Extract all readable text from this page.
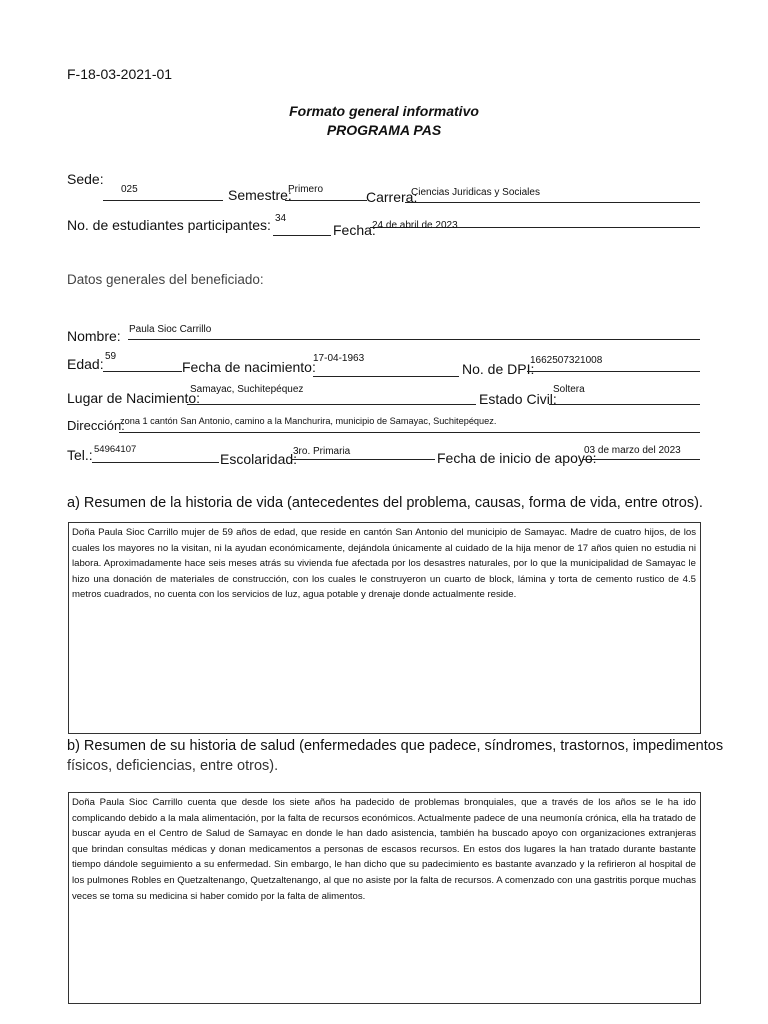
F-18-03-2021-01
Formato general informativo
PROGRAMA PAS
Sede:
025	Semestre:
Primero	Carrera:
Ciencias Juridicas y Sociales
No. de estudiantes participantes: 34
Fecha:
24 de abril de 2023
Datos generales del beneficiado:
Nombre: Paula Sioc Carrillo
Edad: 59
Fecha de nacimiento:
17-04-1963
No. de DPI:
1662507321008
Lugar de Nacimiento:
Samayac, Suchitepéquez
Estado Civil:
Soltera
Dirección:
zona 1 cantón San Antonio, camino a la Manchurira, municipio de Samayac, Suchitepéquez.
Tel.: 54964107
Escolaridad:
3ro. Primaria	Fecha de inicio de apoyo:
03 de marzo del 2023
a) Resumen de la historia de vida (antecedentes del problema, causas, forma de vida, entre otros).
Doña Paula Sioc Carrillo mujer de 59 años de edad, que reside en cantón San Antonio del municipio de Samayac. Madre de cuatro hijos, de los cuales los mayores no la visitan, ni la ayudan económicamente, dejándola únicamente al cuidado de la hija menor de 17 años quien no estudia ni labora. Aproximadamente hace seis meses atrás su vivienda fue afectada por los desastres naturales, por lo que la municipalidad de Samayac le hizo una donación de materiales de construcción, con los cuales le construyeron un cuarto de block, lámina y torta de cemento rustico de 4.5 metros cuadrados, no cuenta con los servicios de luz, agua potable y drenaje donde actualmente reside.
b) Resumen de su historia de salud (enfermedades que padece, síndromes, trastornos, impedimentos
físicos, deficiencias, entre otros).
Doña Paula Sioc Carrillo cuenta que desde los siete años ha padecido de problemas bronquiales, que a través de los años se le ha ido complicando debido a la mala alimentación, por la falta de recursos económicos. Actualmente padece de una neumonía crónica, ella ha tratado de buscar ayuda en el Centro de Salud de Samayac en donde le han dado asistencia, también ha buscado apoyo con organizaciones extranjeras que brindan consultas médicas y donan medicamentos a personas de escasos recursos. En estos dos lugares la han tratado durante bastante tiempo dándole seguimiento a su enfermedad. Sin embargo, le han dicho que su padecimiento es bastante avanzado y la refirieron al hospital de los pulmones Robles en Quetzaltenango, Quetzaltenango, al que no asiste por la falta de recursos. A comenzado con una gastritis porque muchas veces se toma su medicina si haber comido por la falta de alimentos.
